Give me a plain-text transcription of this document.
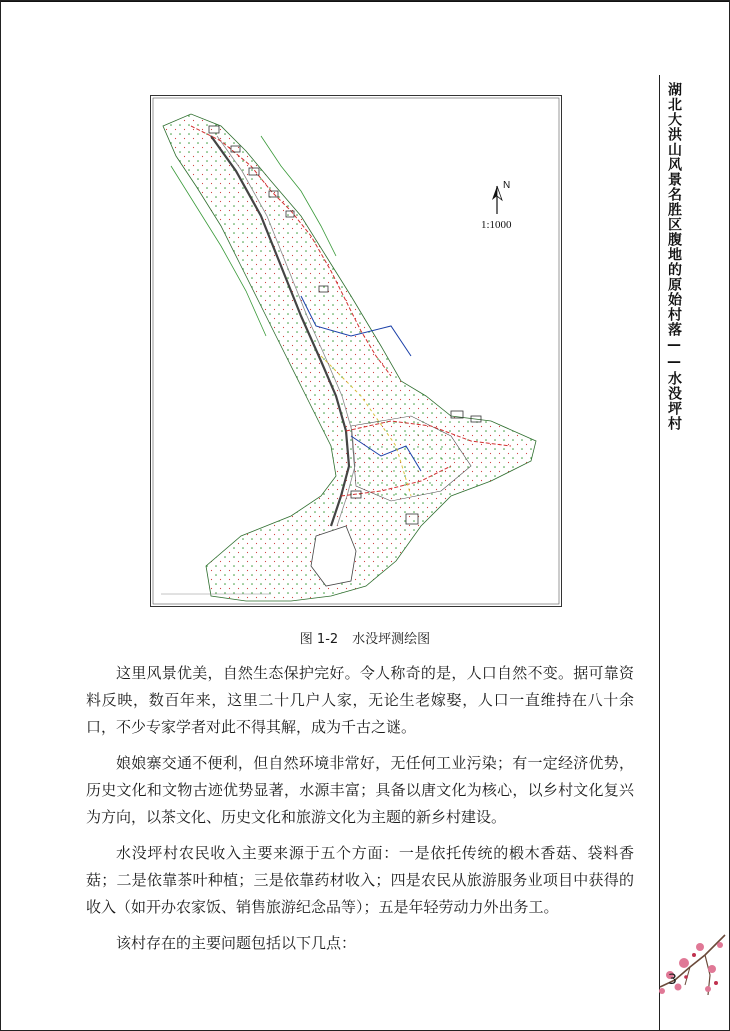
湖北大洪山风景名胜区腹地的原始村落——水没坪村
N
1:1000
图 1-2 水没坪测绘图

这里风景优美，自然生态保护完好。令人称奇的是，人口自然不变。据可靠资料反映，数百年来，这里二十几户人家，无论生老嫁娶，人口一直维持在八十余口，不少专家学者对此不得其解，成为千古之谜。

娘娘寨交通不便利，但自然环境非常好，无任何工业污染；有一定经济优势，历史文化和文物古迹优势显著，水源丰富；具备以唐文化为核心，以乡村文化复兴为方向，以茶文化、历史文化和旅游文化为主题的新乡村建设。

水没坪村农民收入主要来源于五个方面：一是依托传统的椴木香菇、袋料香菇；二是依靠茶叶种植；三是依靠药材收入；四是农民从旅游服务业项目中获得的收入（如开办农家饭、销售旅游纪念品等）；五是年轻劳动力外出务工。

该村存在的主要问题包括以下几点：

3
